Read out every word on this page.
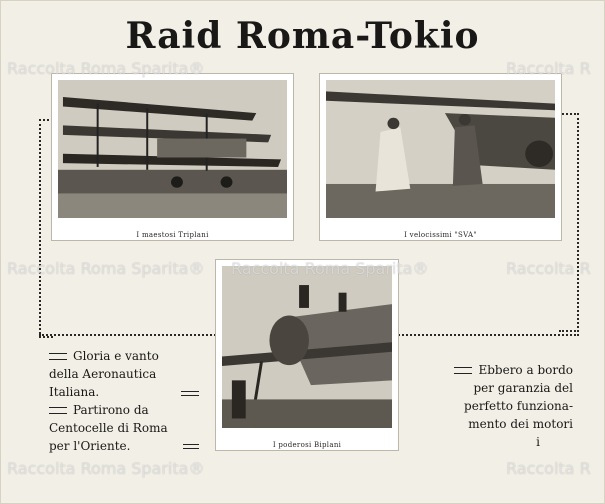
Raid Roma-Tokio
I maestosi Triplani	I velocissimi "SVA"
I poderosi Biplani

Gloria e vanto

della Aeronautica

Italiana.

Partirono da

Centocelle di Roma

per l'Oriente.

Ebbero a bordo

per garanzia del

perfetto funziona-

mento dei motori

i

Raccolta Roma Sparita®	Raccolta R
Raccolta Roma Sparita® Raccolta Roma Sparita®	Raccolta R
Raccolta Roma Sparita®	Raccolta R
